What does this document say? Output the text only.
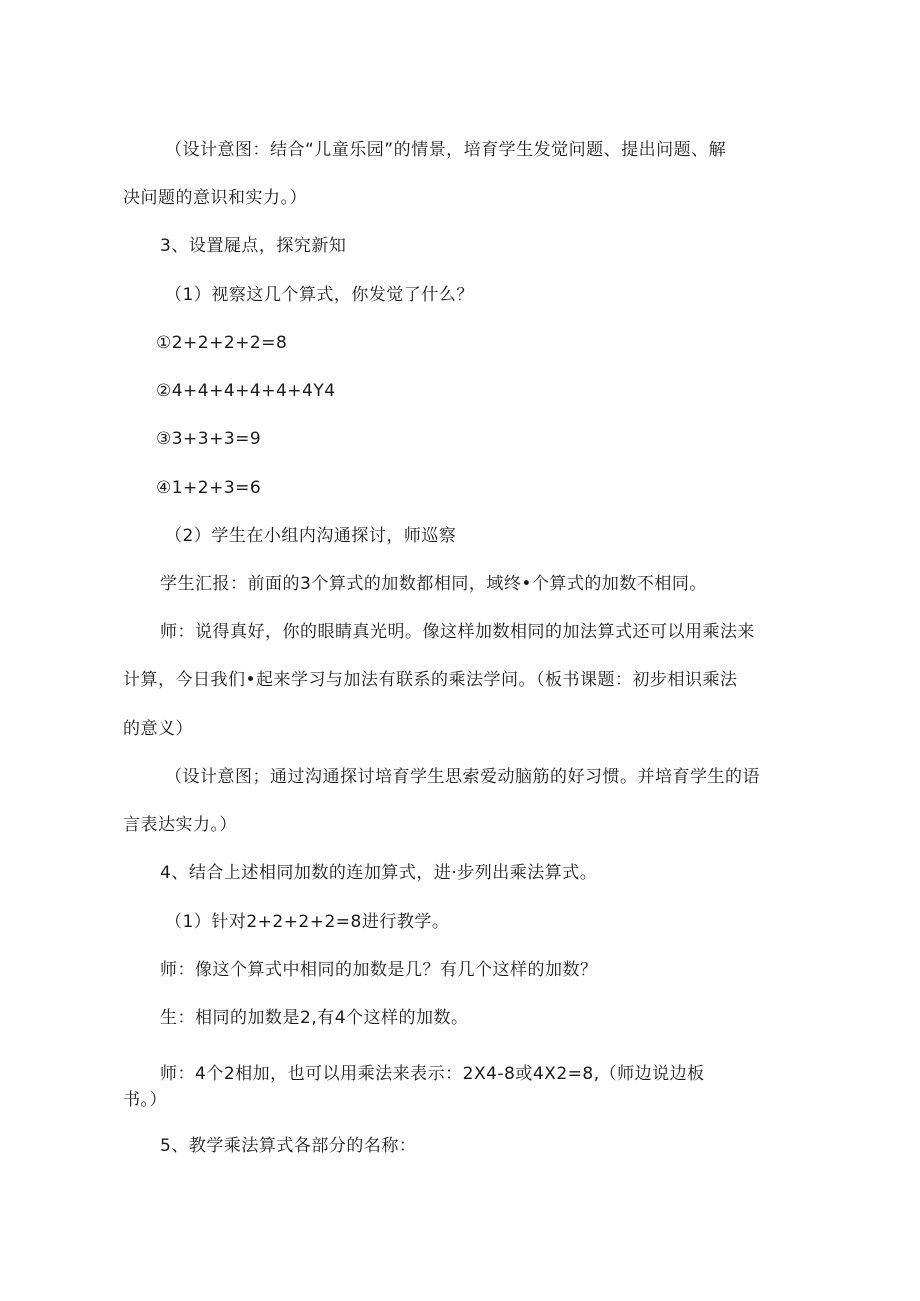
（设计意图：结合“儿童乐园”的情景，培育学生发觉问题、提出问题、解
决问题的意识和实力。）
3、设置屣点，探究新知
（1）视察这几个算式，你发觉了什么？
①2+2+2+2=8
②4+4+4+4+4+4Y4
③3+3+3=9
④1+2+3=6
（2）学生在小组内沟通探讨，师巡察
学生汇报：前面的3个算式的加数都相同，域终•个算式的加数不相同。
师：说得真好，你的眼睛真光明。像这样加数相同的加法算式还可以用乘法来
计算，今日我们•起来学习与加法有联系的乘法学问。（板书课题：初步相识乘法
的意义）
（设计意图；通过沟通探讨培育学生思索爱动脑筋的好习惯。并培育学生的语
言表达实力。）
4、结合上述相同加数的连加算式，进·步列出乘法算式。
（1）针对2+2+2+2=8进行教学。
师：像这个算式中相同的加数是几？有几个这样的加数？
生：相同的加数是2,有4个这样的加数。
师：4个2相加，也可以用乘法来表示：2X4-8或4X2=8,（师边说边板
书。）
5、教学乘法算式各部分的名称：
